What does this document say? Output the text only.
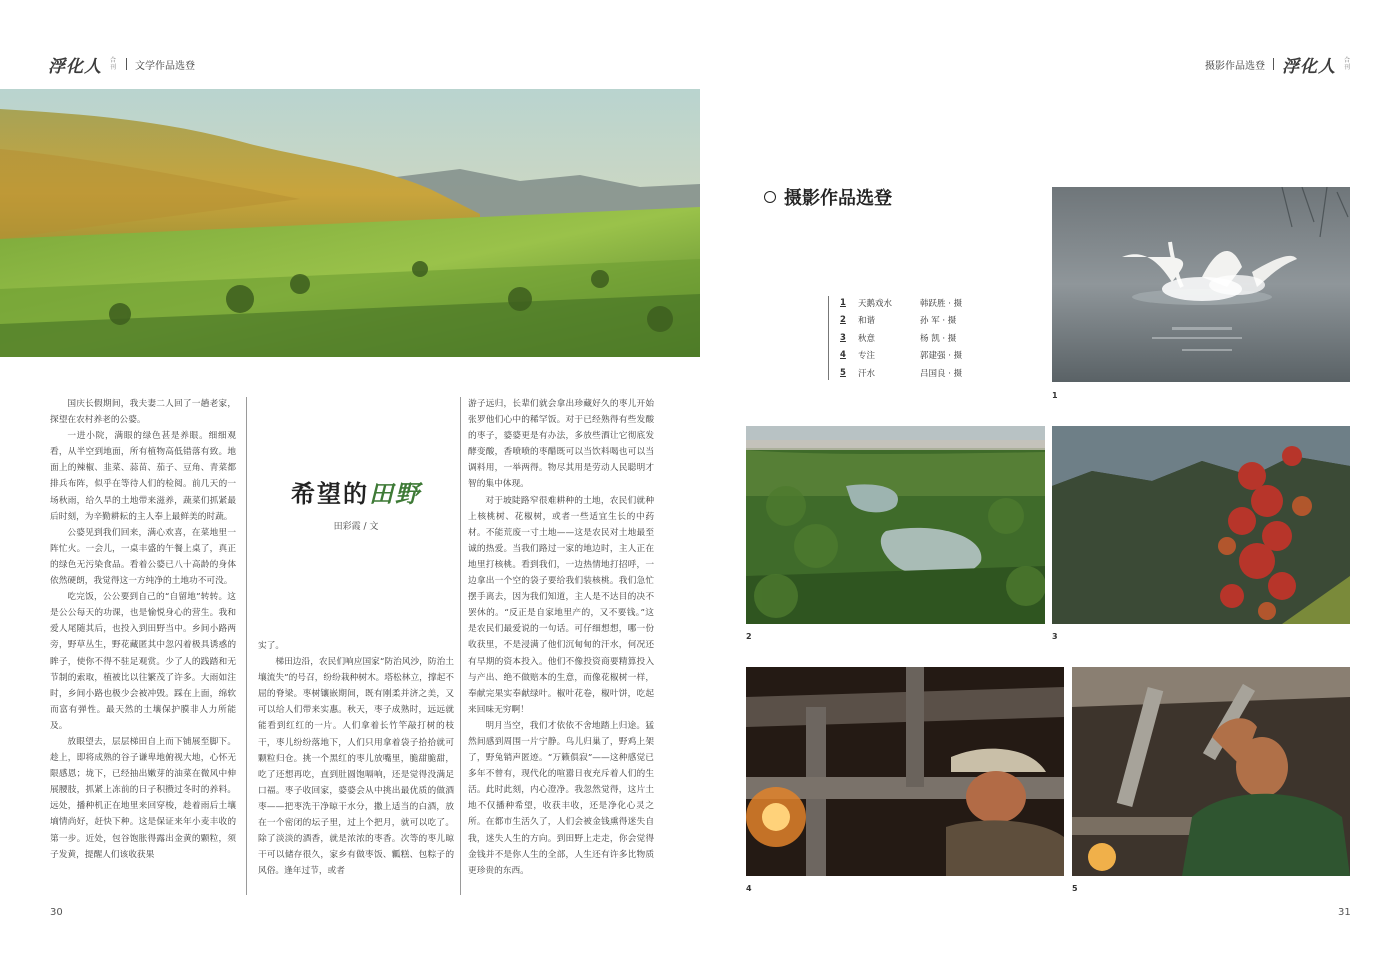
浮化人 合刊 文学作品选登	摄影作品选登 浮化人 合刊

国庆长假期间，我夫妻二人回了一趟老家，探望在农村养老的公婆。

一进小院，满眼的绿色甚是养眼。细细观看，从半空到地面，所有植物高低错落有致。地面上的辣椒、韭菜、蒜苗、茄子、豆角、青菜都排兵布阵，似乎在等待人们的检阅。前几天的一场秋雨，给久旱的土地带来滋养，蔬菜们抓紧最后时刻，为辛勤耕耘的主人奉上最鲜美的时蔬。

公婆见到我们回来，满心欢喜，在菜地里一阵忙火。一会儿，一桌丰盛的午餐上桌了，真正的绿色无污染食品。看着公婆已八十高龄的身体依然硬朗，我觉得这一方纯净的土地功不可没。

吃完饭，公公要到自己的“自留地”转转。这是公公每天的功课，也是愉悦身心的营生。我和爱人尾随其后，也投入到田野当中。乡间小路两旁，野草丛生，野花藏匿其中忽闪着极具诱惑的眸子，使你不得不驻足观赏。少了人的践踏和无节制的索取，植被比以往繁茂了许多。大雨如注时，乡间小路也极少会被冲毁。踩在上面，绵软而富有弹性。最天然的土壤保护膜非人力所能及。

放眼望去，层层梯田自上而下铺展至脚下。趁上，即将成熟的谷子谦卑地俯视大地，心怀无限感恩；垅下，已经抽出嫩芽的油菜在微风中伸展腰肢，抓紧上冻前的日子积攒过冬时的养料。远处，播种机正在地里来回穿梭，趁着雨后土壤墒情尚好，赶快下种。这是保证来年小麦丰收的第一步。近处，包谷饱胀得露出金黄的颗粒，须子发黄，提醒人们该收获果

希望的田野
田彩霞 / 文

实了。

梯田边沿，农民们响应国家“防治风沙，防治土壤流失”的号召，纷纷栽种树木。塔松林立，撑起不屈的脊梁。枣树镶嵌期间，既有刚柔并济之美，又可以给人们带来实惠。秋天，枣子成熟时，远远就能看到红红的一片。人们拿着长竹竿敲打树的枝干，枣儿纷纷落地下，人们只用拿着袋子拾拾就可颗粒归仓。挑一个黑红的枣儿放嘴里，脆甜脆甜，吃了还想再吃，直到肚圆饱嗝响，还是觉得没满足口福。枣子收回家，婆婆会从中挑出最优质的做酒枣——把枣洗干净晾干水分，撒上适当的白酒，放在一个密闭的坛子里，过上个把月，就可以吃了。除了淡淡的酒香，就是浓浓的枣香。次等的枣儿晾干可以储存很久，家乡有做枣饭、瓤糕、包粽子的风俗。逢年过节，或者

游子远归，长辈们就会拿出珍藏好久的枣儿开始张罗他们心中的稀罕饭。对于已经熟得有些发酸的枣子，婆婆更是有办法，多放些酒让它彻底发酵变酸，香喷喷的枣醋既可以当饮料喝也可以当调料用，一举两得。物尽其用是劳动人民聪明才智的集中体现。

对于坡陡路窄很难耕种的土地，农民们就种上核桃树、花椒树，或者一些适宜生长的中药材。不能荒废一寸土地——这是农民对土地最至诚的热爱。当我们路过一家的地边时，主人正在地里打核桃。看到我们，一边热情地打招呼，一边拿出一个空的袋子要给我们装核桃。我们急忙摆手离去，因为我们知道，主人是不达目的决不罢休的。“反正是自家地里产的，又不要钱。”这是农民们最爱说的一句话。可仔细想想，哪一份收获里，不是浸满了他们沉甸甸的汗水，何况还有早期的资本投入。他们不像投资商要精算投入与产出、绝不做赔本的生意，而像花椒树一样，奉献完果实奉献绿叶。椒叶花卷，椒叶饼，吃起来回味无穷啊！

明月当空，我们才依依不舍地踏上归途。猛然间感到周围一片宁静。鸟儿归巢了，野鸡上架了，野兔销声匿迹。“万籁俱寂”——这种感觉已多年不曾有，现代化的喧嚣日夜充斥着人们的生活。此时此刻，内心澄净。我忽然觉得，这片土地不仅播种希望，收获丰收，还是净化心灵之所。在都市生活久了，人们会被金钱熏得迷失自我，迷失人生的方向。到田野上走走，你会觉得金钱并不是你人生的全部，人生还有许多比物质更珍贵的东西。

30	31
摄影作品选登
1	天鹅戏水	韩跃胜 · 摄
2	和谐	孙 军 · 摄
3	秋意	杨 凯 · 摄
4	专注	郭建强 · 摄
5	汗水	吕国良 · 摄
1
2	3
4	5
